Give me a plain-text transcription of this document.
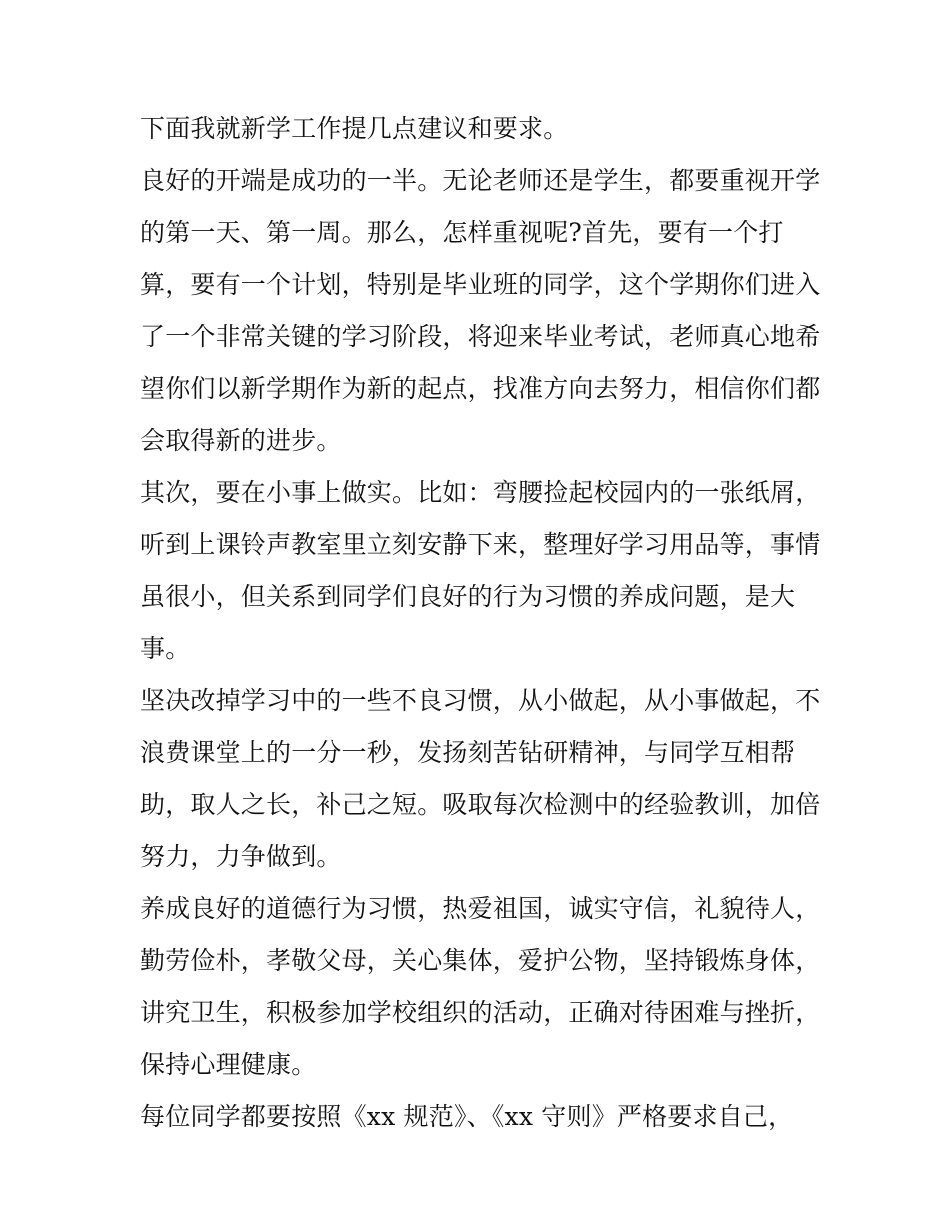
下面我就新学工作提几点建议和要求。
良好的开端是成功的一半。无论老师还是学生，都要重视开学
的第一天、第一周。那么，怎样重视呢?首先，要有一个打
算，要有一个计划，特别是毕业班的同学，这个学期你们进入
了一个非常关键的学习阶段，将迎来毕业考试，老师真心地希
望你们以新学期作为新的起点，找准方向去努力，相信你们都
会取得新的进步。
其次，要在小事上做实。比如：弯腰捡起校园内的一张纸屑，
听到上课铃声教室里立刻安静下来，整理好学习用品等，事情
虽很小，但关系到同学们良好的行为习惯的养成问题，是大
事。
坚决改掉学习中的一些不良习惯，从小做起，从小事做起，不
浪费课堂上的一分一秒，发扬刻苦钻研精神，与同学互相帮
助，取人之长，补己之短。吸取每次检测中的经验教训，加倍
努力，力争做到。
养成良好的道德行为习惯，热爱祖国，诚实守信，礼貌待人，
勤劳俭朴，孝敬父母，关心集体，爱护公物，坚持锻炼身体，
讲究卫生，积极参加学校组织的活动，正确对待困难与挫折，
保持心理健康。
每位同学都要按照《xx 规范》、《xx 守则》严格要求自己，
